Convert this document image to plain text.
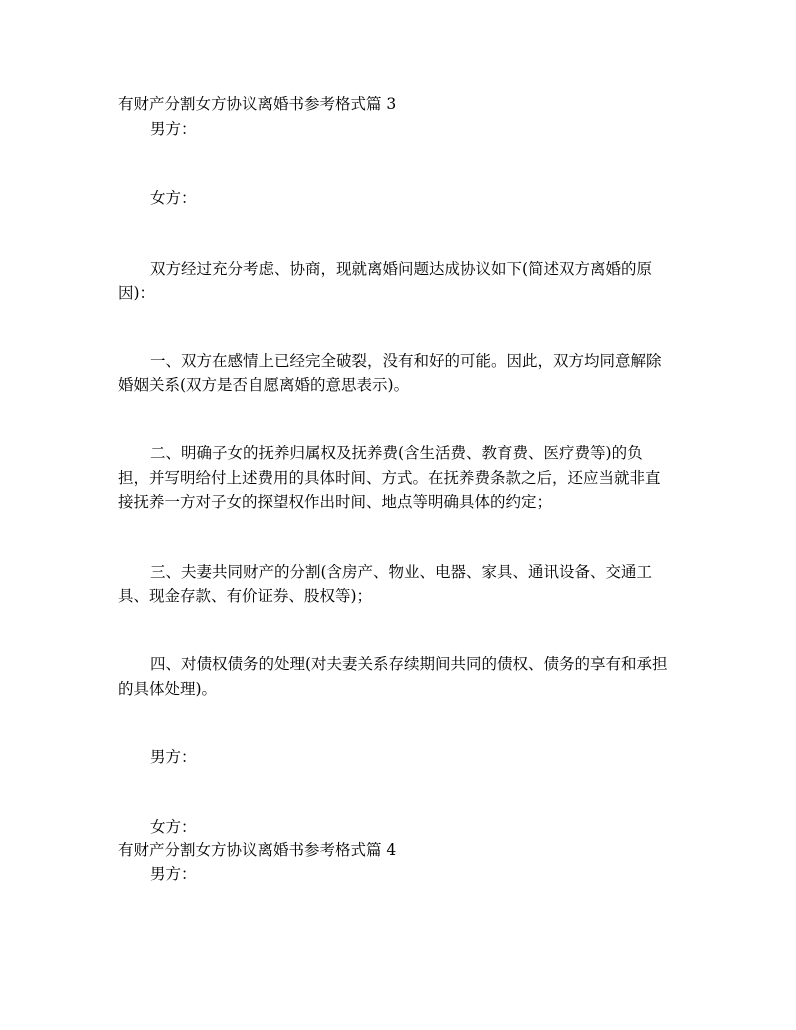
有财产分割女方协议离婚书参考格式篇 3
男方：
女方：
双方经过充分考虑、协商，现就离婚问题达成协议如下(简述双方离婚的原
因)：
一、双方在感情上已经完全破裂，没有和好的可能。因此，双方均同意解除
婚姻关系(双方是否自愿离婚的意思表示)。
二、明确子女的抚养归属权及抚养费(含生活费、教育费、医疗费等)的负
担，并写明给付上述费用的具体时间、方式。在抚养费条款之后，还应当就非直
接抚养一方对子女的探望权作出时间、地点等明确具体的约定；
三、夫妻共同财产的分割(含房产、物业、电器、家具、通讯设备、交通工
具、现金存款、有价证券、股权等)；
四、对债权债务的处理(对夫妻关系存续期间共同的债权、债务的享有和承担
的具体处理)。
男方：
女方：
有财产分割女方协议离婚书参考格式篇 4
男方：
